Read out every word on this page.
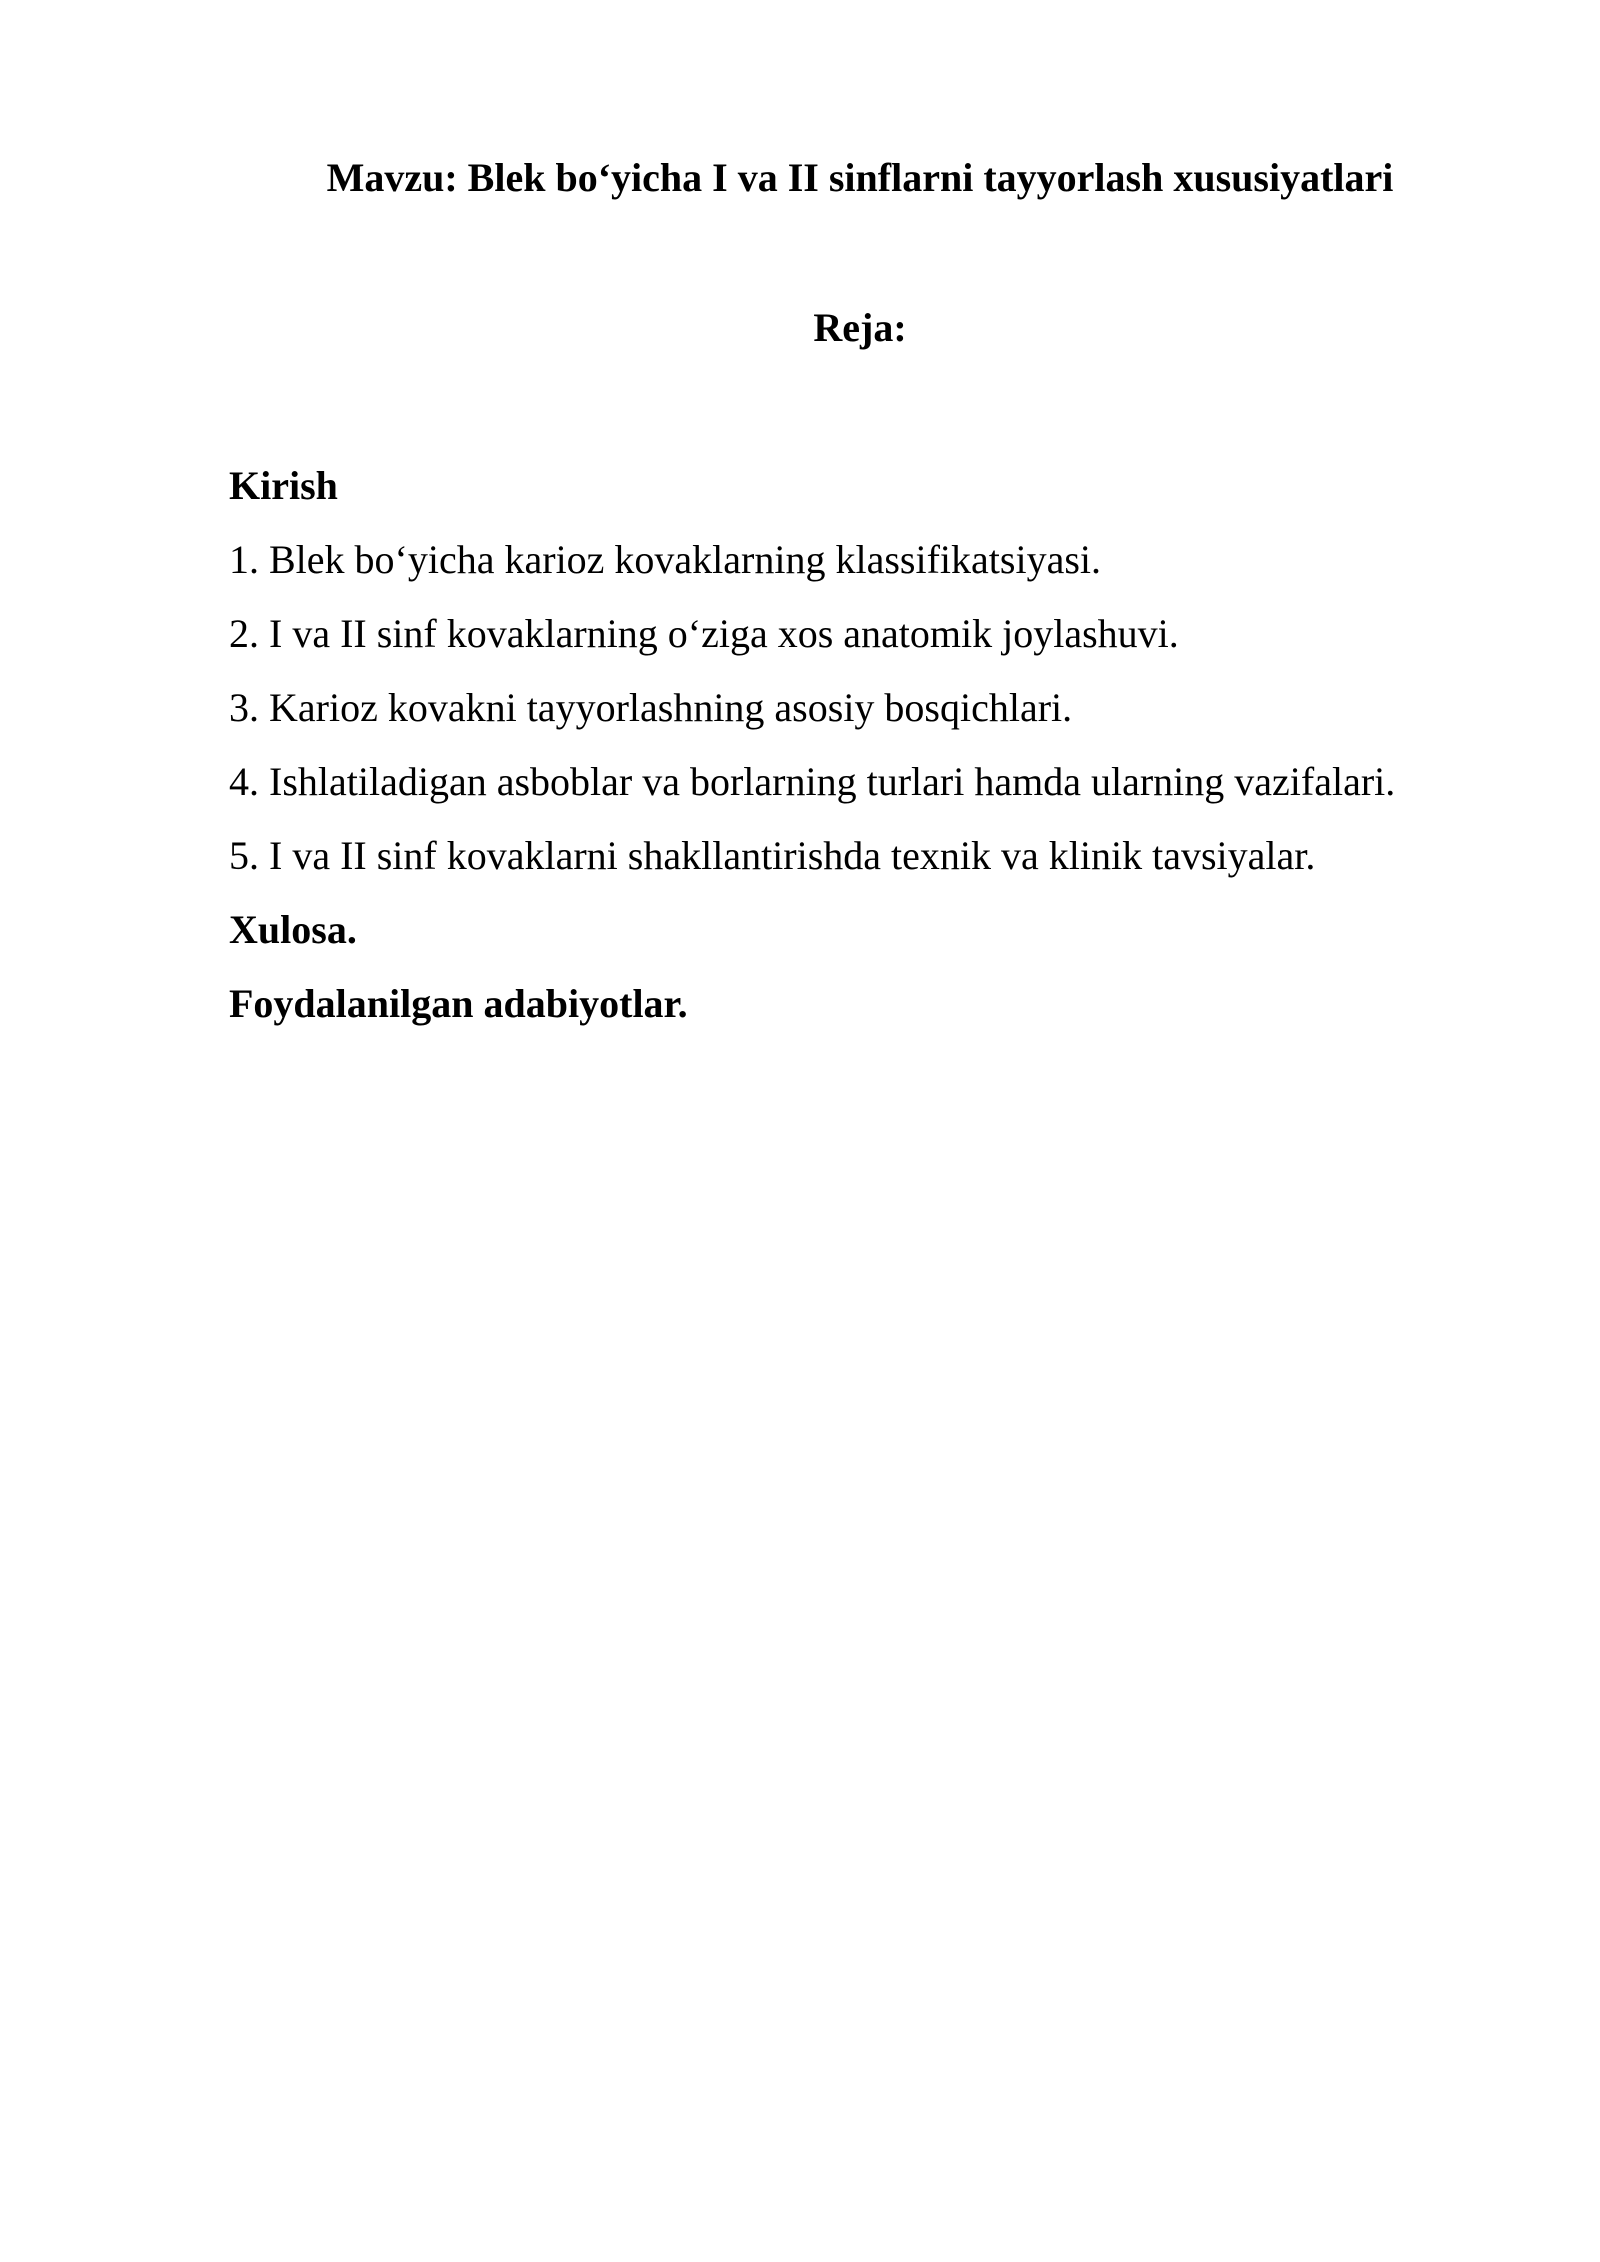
Mavzu: Blek bo‘yicha I va II sinflarni tayyorlash xususiyatlari
Reja:
Kirish
1. Blek bo‘yicha karioz kovaklarning klassifikatsiyasi.
2. I va II sinf kovaklarning o‘ziga xos anatomik joylashuvi.
3. Karioz kovakni tayyorlashning asosiy bosqichlari.
4. Ishlatiladigan asboblar va borlarning turlari hamda ularning vazifalari.
5. I va II sinf kovaklarni shakllantirishda texnik va klinik tavsiyalar.
Xulosa.
Foydalanilgan adabiyotlar.
